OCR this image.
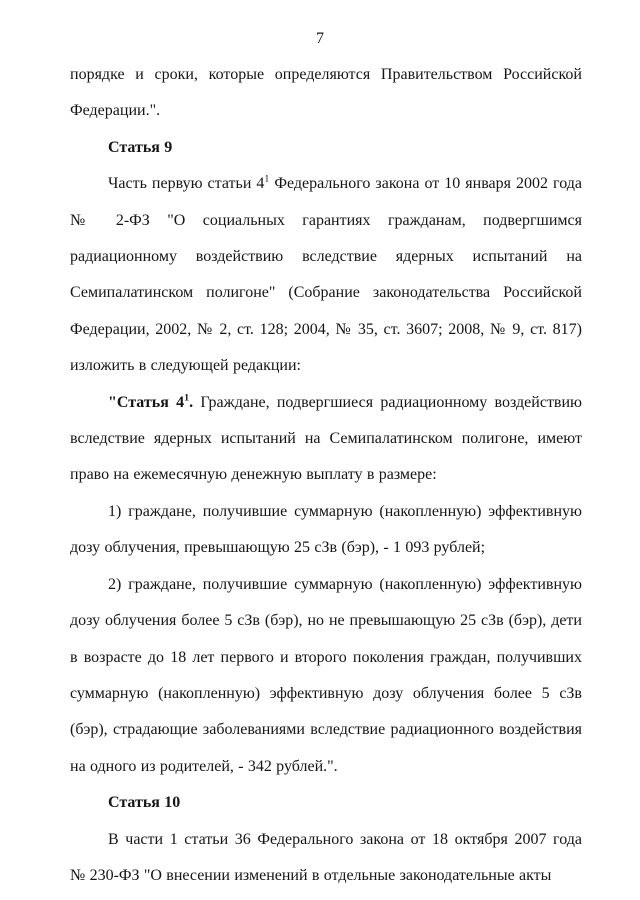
7

порядке и сроки, которые определяются Правительством Российской Федерации.".

Статья 9

Часть первую статьи $4^1$ Федерального закона от 10 января 2002 года № 2-ФЗ "О социальных гарантиях гражданам, подвергшимся радиационному воздействию вследствие ядерных испытаний на Семипалатинском полигоне" (Собрание законодательства Российской Федерации, 2002, № 2, ст. 128; 2004, № 35, ст. 3607; 2008, № 9, ст. 817) изложить в следующей редакции:

"Статья $4^1$. Граждане, подвергшиеся радиационному воздействию вследствие ядерных испытаний на Семипалатинском полигоне, имеют право на ежемесячную денежную выплату в размере:

1) граждане, получившие суммарную (накопленную) эффективную дозу облучения, превышающую 25 сЗв (бэр), - 1 093 рублей;

2) граждане, получившие суммарную (накопленную) эффективную дозу облучения более 5 сЗв (бэр), но не превышающую 25 сЗв (бэр), дети в возрасте до 18 лет первого и второго поколения граждан, получивших суммарную (накопленную) эффективную дозу облучения более 5 сЗв (бэр), страдающие заболеваниями вследствие радиационного воздействия на одного из родителей, - 342 рублей.".

Статья 10

В части 1 статьи 36 Федерального закона от 18 октября 2007 года № 230-ФЗ "О внесении изменений в отдельные законодательные акты
